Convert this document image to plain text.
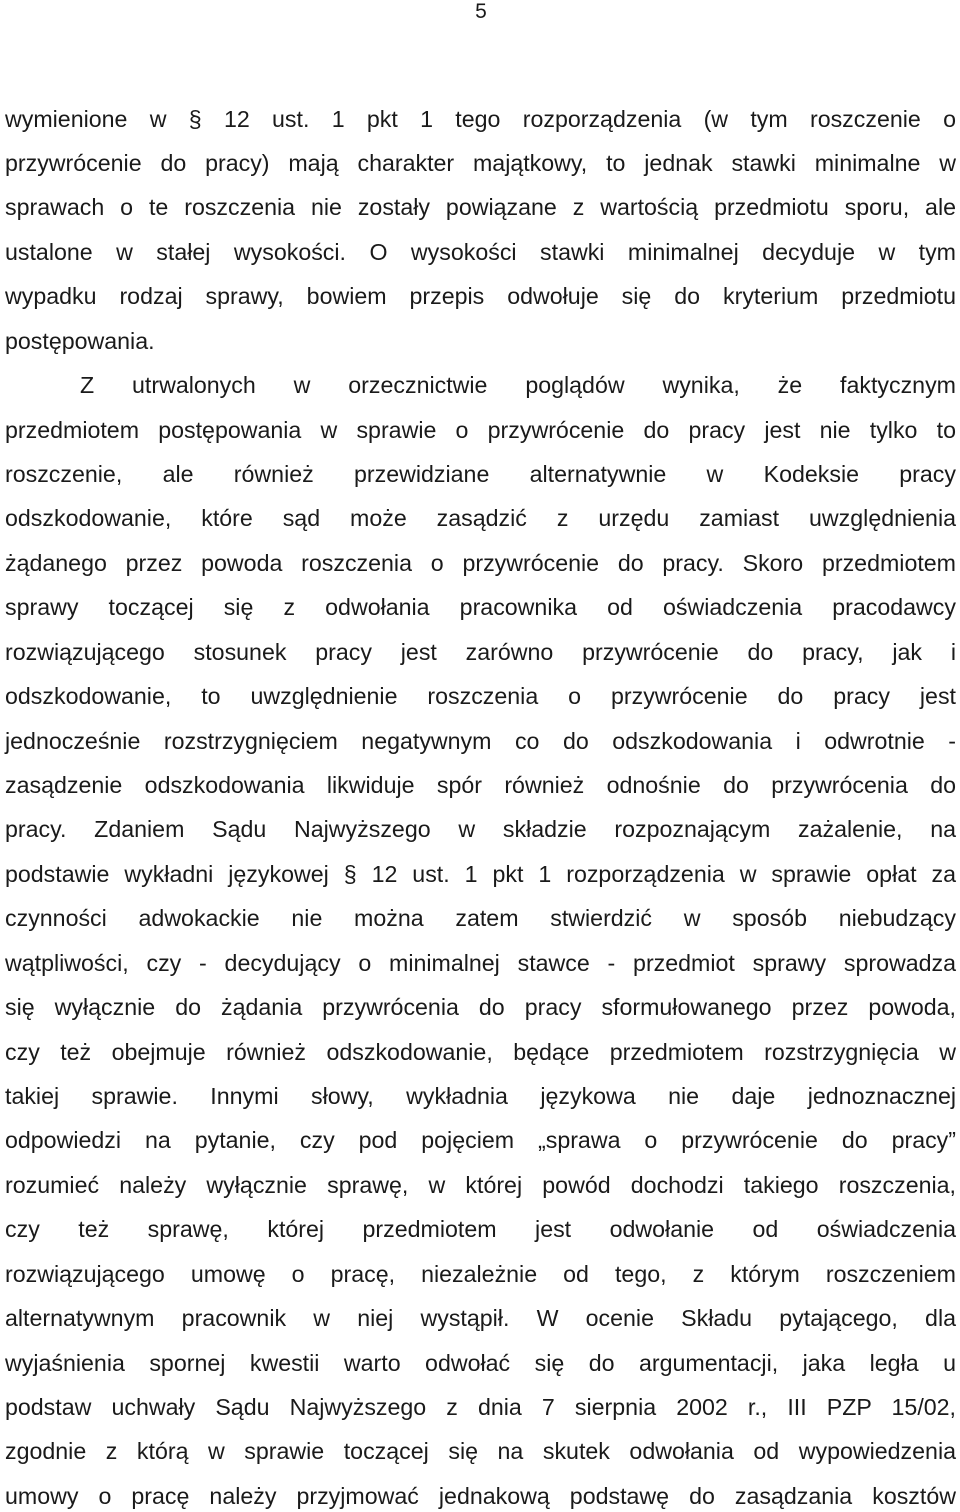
5
wymienione w § 12 ust. 1 pkt 1 tego rozporządzenia (w tym roszczenie o
przywrócenie do pracy) mają charakter majątkowy, to jednak stawki minimalne w
sprawach o te roszczenia nie zostały powiązane z wartością przedmiotu sporu, ale
ustalone w stałej wysokości. O wysokości stawki minimalnej decyduje w tym
wypadku rodzaj sprawy, bowiem przepis odwołuje się do kryterium przedmiotu
postępowania.
Z utrwalonych w orzecznictwie poglądów wynika, że faktycznym
przedmiotem postępowania w sprawie o przywrócenie do pracy jest nie tylko to
roszczenie, ale również przewidziane alternatywnie w Kodeksie pracy
odszkodowanie, które sąd może zasądzić z urzędu zamiast uwzględnienia
żądanego przez powoda roszczenia o przywrócenie do pracy. Skoro przedmiotem
sprawy toczącej się z odwołania pracownika od oświadczenia pracodawcy
rozwiązującego stosunek pracy jest zarówno przywrócenie do pracy, jak i
odszkodowanie, to uwzględnienie roszczenia o przywrócenie do pracy jest
jednocześnie rozstrzygnięciem negatywnym co do odszkodowania i odwrotnie -
zasądzenie odszkodowania likwiduje spór również odnośnie do przywrócenia do
pracy. Zdaniem Sądu Najwyższego w składzie rozpoznającym zażalenie, na
podstawie wykładni językowej § 12 ust. 1 pkt 1 rozporządzenia w sprawie opłat za
czynności adwokackie nie można zatem stwierdzić w sposób niebudzący
wątpliwości, czy - decydujący o minimalnej stawce - przedmiot sprawy sprowadza
się wyłącznie do żądania przywrócenia do pracy sformułowanego przez powoda,
czy też obejmuje również odszkodowanie, będące przedmiotem rozstrzygnięcia w
takiej sprawie. Innymi słowy, wykładnia językowa nie daje jednoznacznej
odpowiedzi na pytanie, czy pod pojęciem „sprawa o przywrócenie do pracy”
rozumieć należy wyłącznie sprawę, w której powód dochodzi takiego roszczenia,
czy też sprawę, której przedmiotem jest odwołanie od oświadczenia
rozwiązującego umowę o pracę, niezależnie od tego, z którym roszczeniem
alternatywnym pracownik w niej wystąpił. W ocenie Składu pytającego, dla
wyjaśnienia spornej kwestii warto odwołać się do argumentacji, jaka legła u
podstaw uchwały Sądu Najwyższego z dnia 7 sierpnia 2002 r., III PZP 15/02,
zgodnie z którą w sprawie toczącej się na skutek odwołania od wypowiedzenia
umowy o pracę należy przyjmować jednakową podstawę do zasądzania kosztów
